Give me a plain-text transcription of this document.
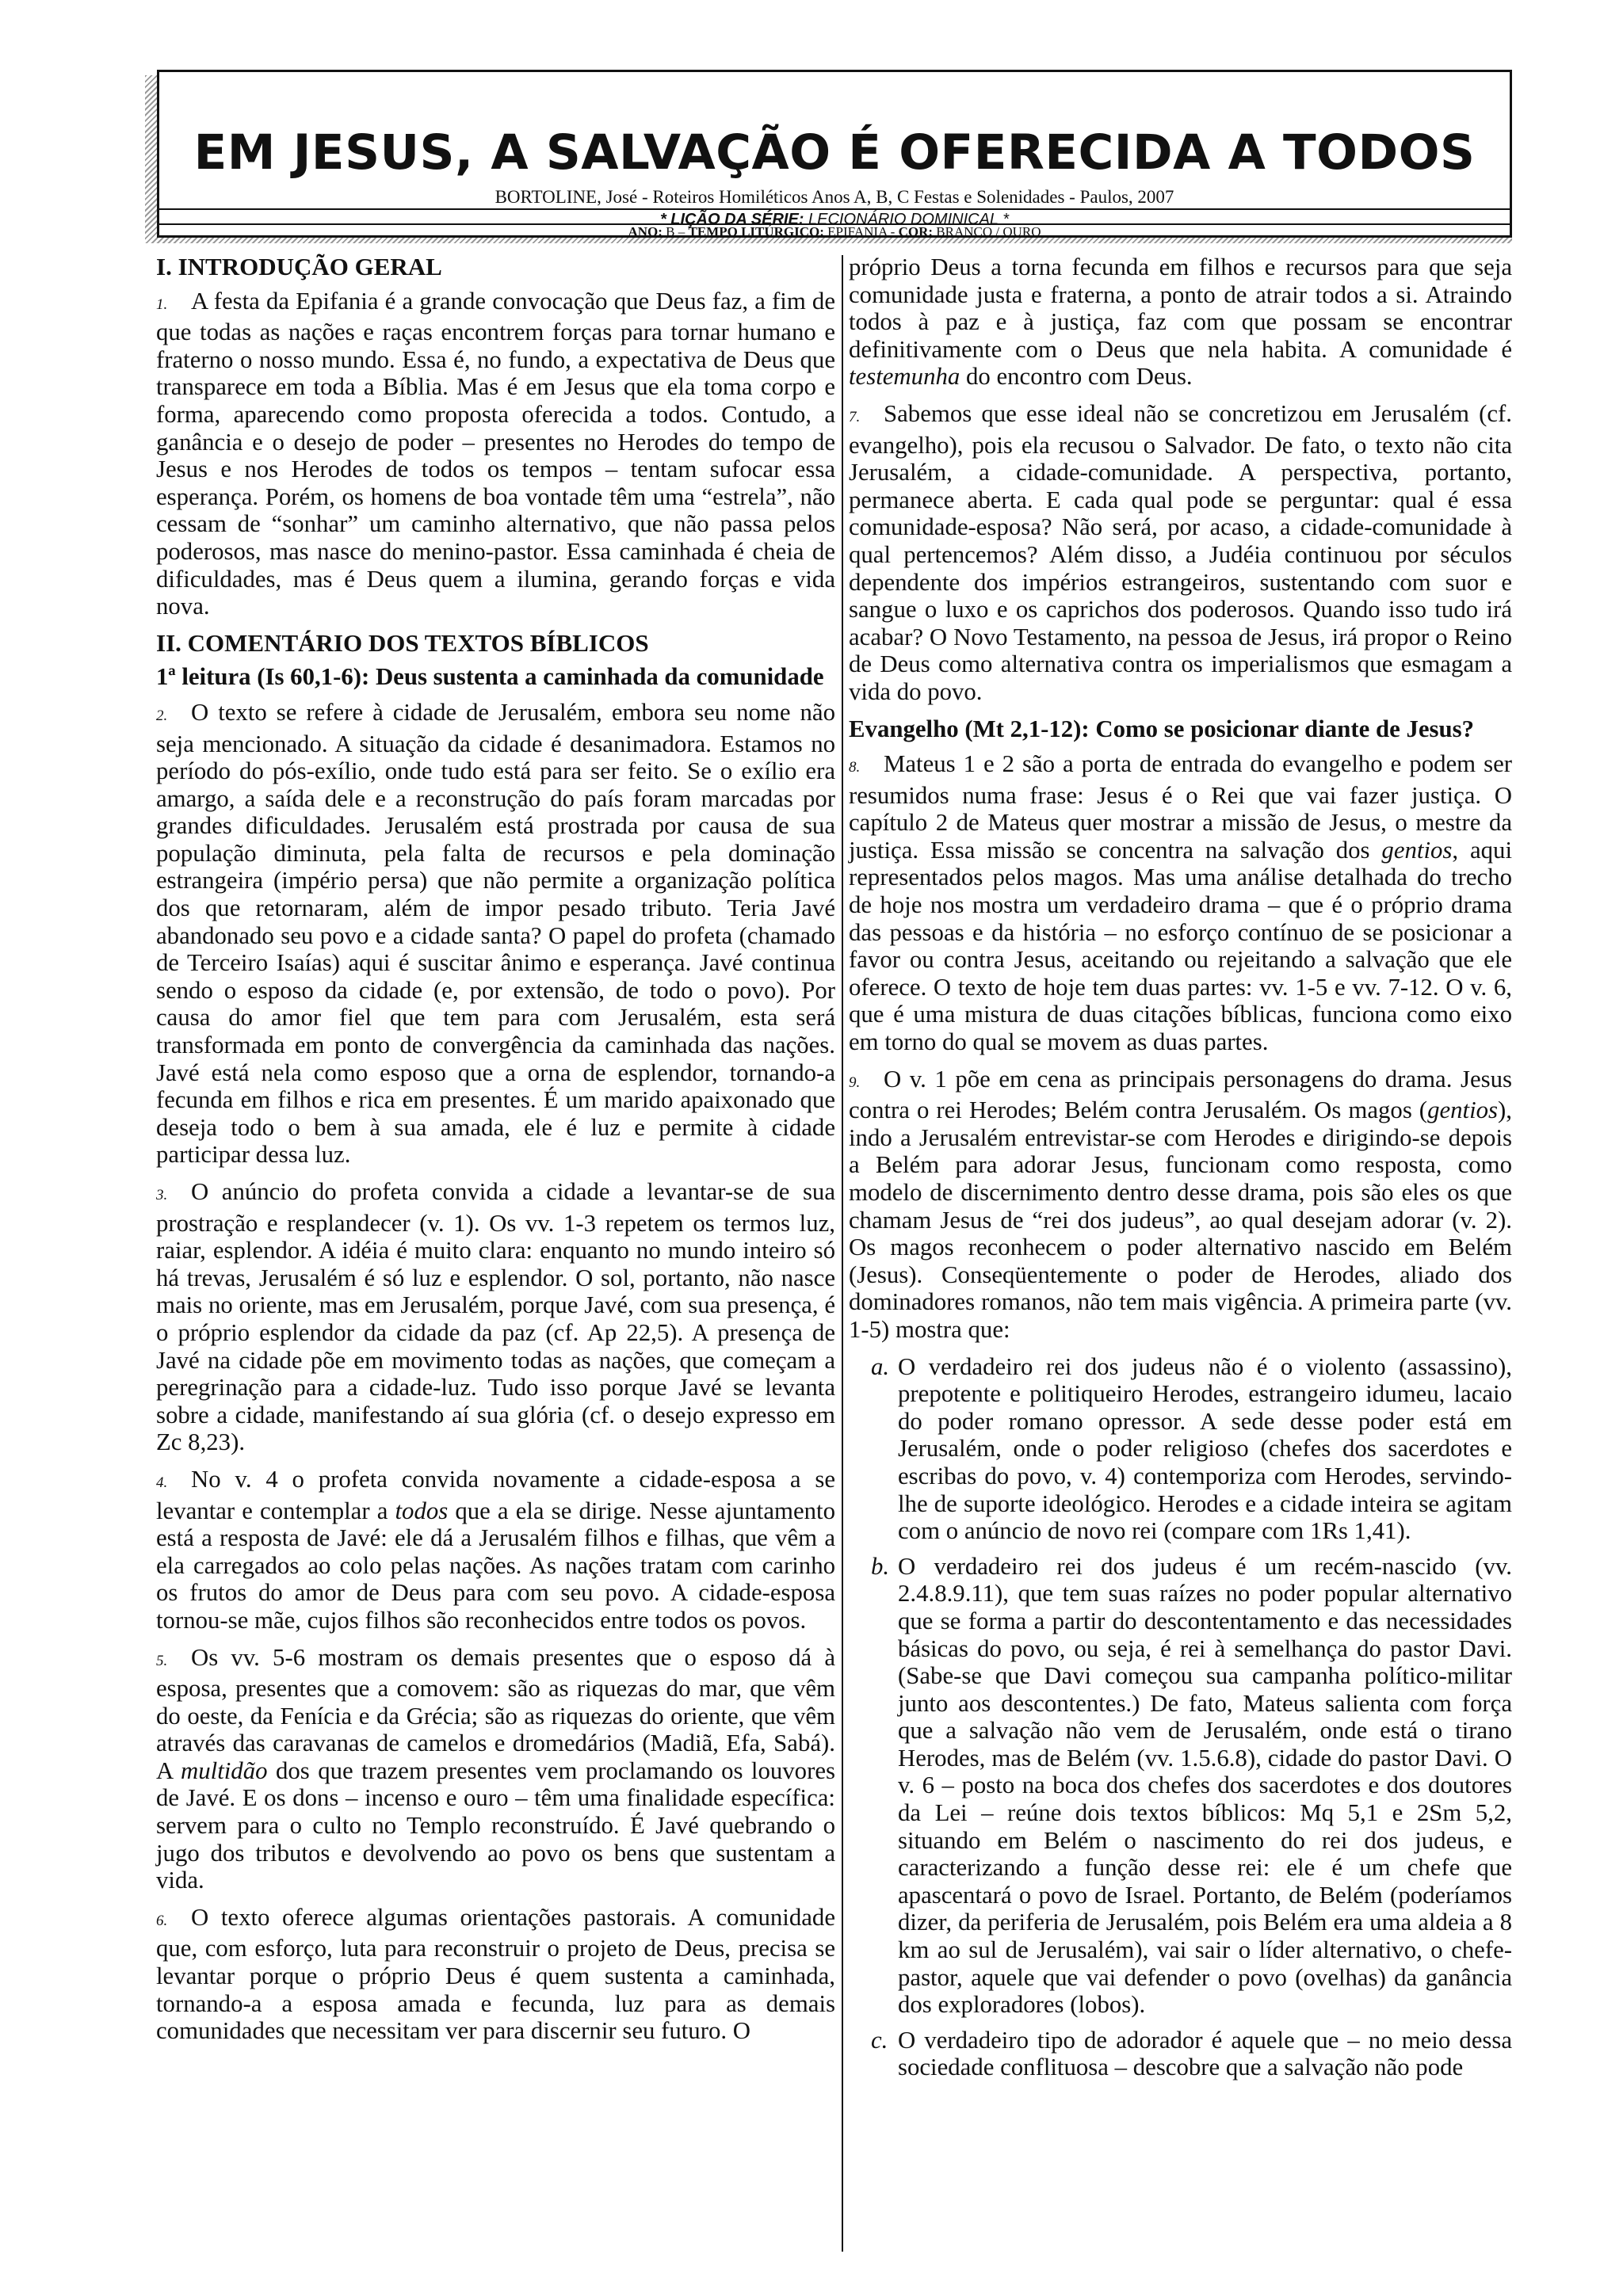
EM JESUS, A SALVAÇÃO É OFERECIDA A TODOS
BORTOLINE, José - Roteiros Homiléticos Anos A, B, C Festas e Solenidades - Paulos, 2007
* LIÇÃO DA SÉRIE: LECIONÁRIO DOMINICAL *
ANO: B – TEMPO LITÚRGICO: EPIFANIA - COR: BRANCO / OURO
I. INTRODUÇÃO GERAL

1. A festa da Epifania é a grande convocação que Deus faz, a fim de que todas as nações e raças encontrem forças para tornar humano e fraterno o nosso mundo. Essa é, no fundo, a expectativa de Deus que transparece em toda a Bíblia. Mas é em Jesus que ela toma corpo e forma, aparecendo como proposta oferecida a todos. Contudo, a ganância e o desejo de poder – presentes no Herodes do tempo de Jesus e nos Herodes de todos os tempos – tentam sufocar essa esperança. Porém, os homens de boa vontade têm uma “estrela”, não cessam de “sonhar” um caminho alternativo, que não passa pelos poderosos, mas nasce do menino-pastor. Essa caminhada é cheia de dificuldades, mas é Deus quem a ilumina, gerando forças e vida nova.

II. COMENTÁRIO DOS TEXTOS BÍBLICOS
1ª leitura (Is 60,1-6): Deus sustenta a caminhada da comunidade

2. O texto se refere à cidade de Jerusalém, embora seu nome não seja mencionado. A situação da cidade é desanimadora. Estamos no período do pós-exílio, onde tudo está para ser feito. Se o exílio era amargo, a saída dele e a reconstrução do país foram marcadas por grandes dificuldades. Jerusalém está prostrada por causa de sua população diminuta, pela falta de recursos e pela dominação estrangeira (império persa) que não permite a organização política dos que retornaram, além de impor pesado tributo. Teria Javé abandonado seu povo e a cidade santa? O papel do profeta (chamado de Terceiro Isaías) aqui é suscitar ânimo e esperança. Javé continua sendo o esposo da cidade (e, por extensão, de todo o povo). Por causa do amor fiel que tem para com Jerusalém, esta será transformada em ponto de convergência da caminhada das nações. Javé está nela como esposo que a orna de esplendor, tornando-a fecunda em filhos e rica em presentes. É um marido apaixonado que deseja todo o bem à sua amada, ele é luz e permite à cidade participar dessa luz.

3. O anúncio do profeta convida a cidade a levantar-se de sua prostração e resplandecer (v. 1). Os vv. 1-3 repetem os termos luz, raiar, esplendor. A idéia é muito clara: enquanto no mundo inteiro só há trevas, Jerusalém é só luz e esplendor. O sol, portanto, não nasce mais no oriente, mas em Jerusalém, porque Javé, com sua presença, é o próprio esplendor da cidade da paz (cf. Ap 22,5). A presença de Javé na cidade põe em movimento todas as nações, que começam a peregrinação para a cidade-luz. Tudo isso porque Javé se levanta sobre a cidade, manifestando aí sua glória (cf. o desejo expresso em Zc 8,23).

4. No v. 4 o profeta convida novamente a cidade-esposa a se levantar e contemplar a todos que a ela se dirige. Nesse ajuntamento está a resposta de Javé: ele dá a Jerusalém filhos e filhas, que vêm a ela carregados ao colo pelas nações. As nações tratam com carinho os frutos do amor de Deus para com seu povo. A cidade-esposa tornou-se mãe, cujos filhos são reconhecidos entre todos os povos.

5. Os vv. 5-6 mostram os demais presentes que o esposo dá à esposa, presentes que a comovem: são as riquezas do mar, que vêm do oeste, da Fenícia e da Grécia; são as riquezas do oriente, que vêm através das caravanas de camelos e dromedários (Madiã, Efa, Sabá). A multidão dos que trazem presentes vem proclamando os louvores de Javé. E os dons – incenso e ouro – têm uma finalidade específica: servem para o culto no Templo reconstruído. É Javé quebrando o jugo dos tributos e devolvendo ao povo os bens que sustentam a vida.

6. O texto oferece algumas orientações pastorais. A comunidade que, com esforço, luta para reconstruir o projeto de Deus, precisa se levantar porque o próprio Deus é quem sustenta a caminhada, tornando-a a esposa amada e fecunda, luz para as demais comunidades que necessitam ver para discernir seu futuro. O

próprio Deus a torna fecunda em filhos e recursos para que seja comunidade justa e fraterna, a ponto de atrair todos a si. Atraindo todos à paz e à justiça, faz com que possam se encontrar definitivamente com o Deus que nela habita. A comunidade é testemunha do encontro com Deus.

7. Sabemos que esse ideal não se concretizou em Jerusalém (cf. evangelho), pois ela recusou o Salvador. De fato, o texto não cita Jerusalém, a cidade-comunidade. A perspectiva, portanto, permanece aberta. E cada qual pode se perguntar: qual é essa comunidade-esposa? Não será, por acaso, a cidade-comunidade à qual pertencemos? Além disso, a Judéia continuou por séculos dependente dos impérios estrangeiros, sustentando com suor e sangue o luxo e os caprichos dos poderosos. Quando isso tudo irá acabar? O Novo Testamento, na pessoa de Jesus, irá propor o Reino de Deus como alternativa contra os imperialismos que esmagam a vida do povo.

Evangelho (Mt 2,1-12): Como se posicionar diante de Jesus?

8. Mateus 1 e 2 são a porta de entrada do evangelho e podem ser resumidos numa frase: Jesus é o Rei que vai fazer justiça. O capítulo 2 de Mateus quer mostrar a missão de Jesus, o mestre da justiça. Essa missão se concentra na salvação dos gentios, aqui representados pelos magos. Mas uma análise detalhada do trecho de hoje nos mostra um verdadeiro drama – que é o próprio drama das pessoas e da história – no esforço contínuo de se posicionar a favor ou contra Jesus, aceitando ou rejeitando a salvação que ele oferece. O texto de hoje tem duas partes: vv. 1-5 e vv. 7-12. O v. 6, que é uma mistura de duas citações bíblicas, funciona como eixo em torno do qual se movem as duas partes.

9. O v. 1 põe em cena as principais personagens do drama. Jesus contra o rei Herodes; Belém contra Jerusalém. Os magos (gentios), indo a Jerusalém entrevistar-se com Herodes e dirigindo-se depois a Belém para adorar Jesus, funcionam como resposta, como modelo de discernimento dentro desse drama, pois são eles os que chamam Jesus de “rei dos judeus”, ao qual desejam adorar (v. 2). Os magos reconhecem o poder alternativo nascido em Belém (Jesus). Conseqüentemente o poder de Herodes, aliado dos dominadores romanos, não tem mais vigência. A primeira parte (vv. 1-5) mostra que:

a. O verdadeiro rei dos judeus não é o violento (assassino), prepotente e politiqueiro Herodes, estrangeiro idumeu, lacaio do poder romano opressor. A sede desse poder está em Jerusalém, onde o poder religioso (chefes dos sacerdotes e escribas do povo, v. 4) contemporiza com Herodes, servindo-lhe de suporte ideológico. Herodes e a cidade inteira se agitam com o anúncio de novo rei (compare com 1Rs 1,41).
b. O verdadeiro rei dos judeus é um recém-nascido (vv. 2.4.8.9.11), que tem suas raízes no poder popular alternativo que se forma a partir do descontentamento e das necessidades básicas do povo, ou seja, é rei à semelhança do pastor Davi. (Sabe-se que Davi começou sua campanha político-militar junto aos descontentes.) De fato, Mateus salienta com força que a salvação não vem de Jerusalém, onde está o tirano Herodes, mas de Belém (vv. 1.5.6.8), cidade do pastor Davi. O v. 6 – posto na boca dos chefes dos sacerdotes e dos doutores da Lei – reúne dois textos bíblicos: Mq 5,1 e 2Sm 5,2, situando em Belém o nascimento do rei dos judeus, e caracterizando a função desse rei: ele é um chefe que apascentará o povo de Israel. Portanto, de Belém (poderíamos dizer, da periferia de Jerusalém, pois Belém era uma aldeia a 8 km ao sul de Jerusalém), vai sair o líder alternativo, o chefe-pastor, aquele que vai defender o povo (ovelhas) da ganância dos exploradores (lobos).
c. O verdadeiro tipo de adorador é aquele que – no meio dessa sociedade conflituosa – descobre que a salvação não pode
